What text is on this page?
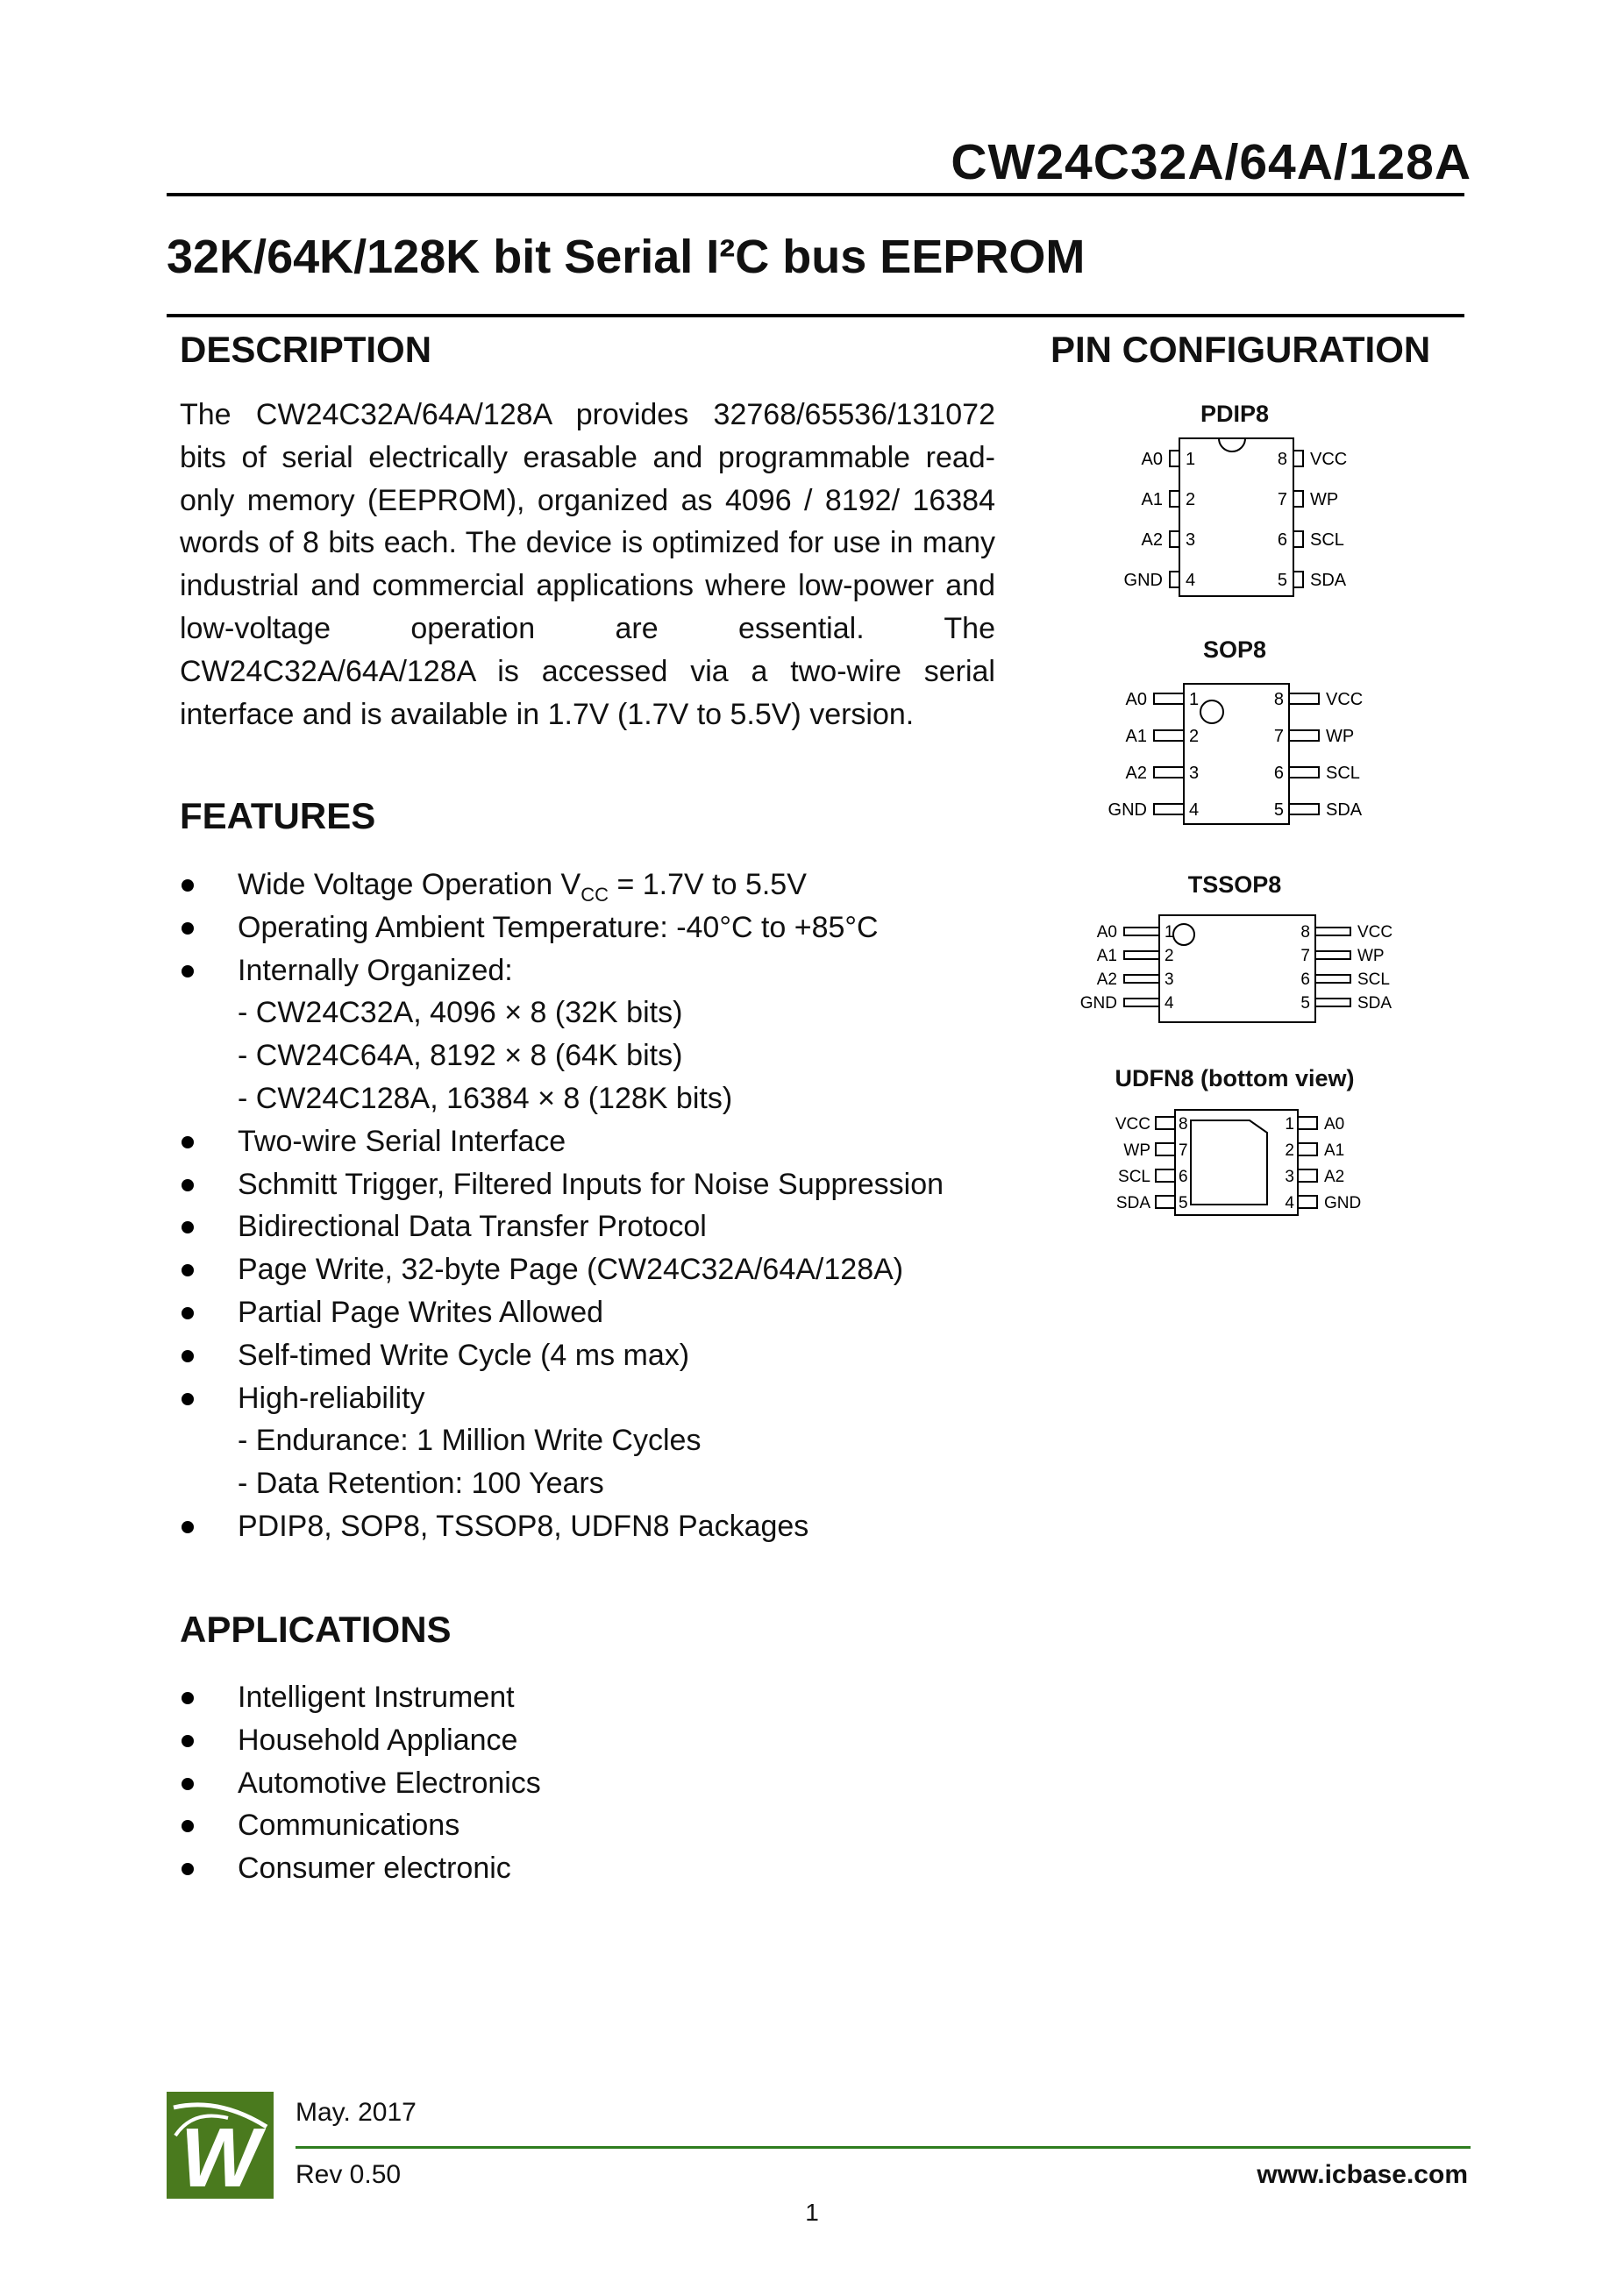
CW24C32A/64A/128A
32K/64K/128K bit Serial I²C bus EEPROM
DESCRIPTION
The CW24C32A/64A/128A provides 32768/65536/131072 bits of serial electrically erasable and programmable read-only memory (EEPROM), organized as 4096 / 8192/ 16384 words of 8 bits each. The device is optimized for use in many industrial and commercial applications where low-power and low-voltage operation are essential. The CW24C32A/64A/128A is accessed via a two-wire serial interface and is available in 1.7V (1.7V to 5.5V) version.
FEATURES
Wide Voltage Operation $V_{CC} = 1.7V$ to 5.5V
Operating Ambient Temperature: -40°C to +85°C
Internally Organized:
- CW24C32A, 4096 × 8 (32K bits)
- CW24C64A, 8192 × 8 (64K bits)
- CW24C128A, 16384 × 8 (128K bits)
Two-wire Serial Interface
Schmitt Trigger, Filtered Inputs for Noise Suppression
Bidirectional Data Transfer Protocol
Page Write, 32-byte Page (CW24C32A/64A/128A)
Partial Page Writes Allowed
Self-timed Write Cycle (4 ms max)
High-reliability
- Endurance: 1 Million Write Cycles
- Data Retention: 100 Years
PDIP8, SOP8, TSSOP8, UDFN8 Packages
APPLICATIONS
Intelligent Instrument
Household Appliance
Automotive Electronics
Communications
Consumer electronic
PIN CONFIGURATION
PDIP8
SOP8
TSSOP8
UDFN8 (bottom view)
A0
A1
A2
GND
1
2
3
4
8
7
6
5
VCC
WP
SCL
SDA
A0
A1
A2
GND
1
2
3
4
8
7
6
5
VCC
WP
SCL
SDA
A0
A1
A2
GND
1
2
3
4
8
7
6
5
VCC
WP
SCL
SDA
VCC
WP
SCL
SDA
8
7
6
5
1
2
3
4
A0
A1
A2
GND
W May. 2017
Rev 0.50	www.icbase.com
1
